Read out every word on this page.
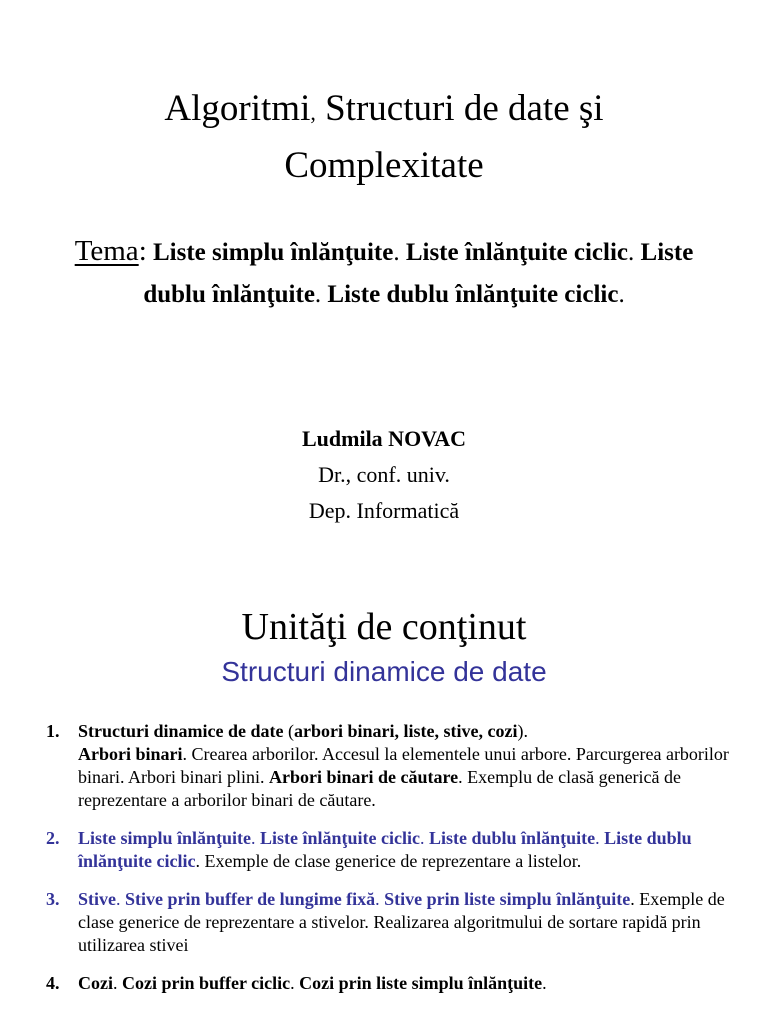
Algoritmi, Structuri de date şi
Complexitate
Tema: Liste simplu înlănţuite. Liste înlănţuite ciclic. Liste dublu înlănţuite. Liste dublu înlănţuite ciclic.
Ludmila NOVAC
Dr., conf. univ.
Dep. Informatică
Unităţi de conţinut
Structuri dinamice de date
1. Structuri dinamice de date (arbori binari, liste, stive, cozi).
Arbori binari. Crearea arborilor. Accesul la elementele unui arbore. Parcurgerea arborilor binari. Arbori binari plini. Arbori binari de căutare. Exemplu de clasă generică de reprezentare a arborilor binari de căutare.
2. Liste simplu înlănţuite. Liste înlănţuite ciclic. Liste dublu înlănţuite. Liste dublu înlănţuite ciclic. Exemple de clase generice de reprezentare a listelor.
3. Stive. Stive prin buffer de lungime fixă. Stive prin liste simplu înlănţuite. Exemple de clase generice de reprezentare a stivelor. Realizarea algoritmului de sortare rapidă prin utilizarea stivei
4. Cozi. Cozi prin buffer ciclic. Cozi prin liste simplu înlănţuite.
